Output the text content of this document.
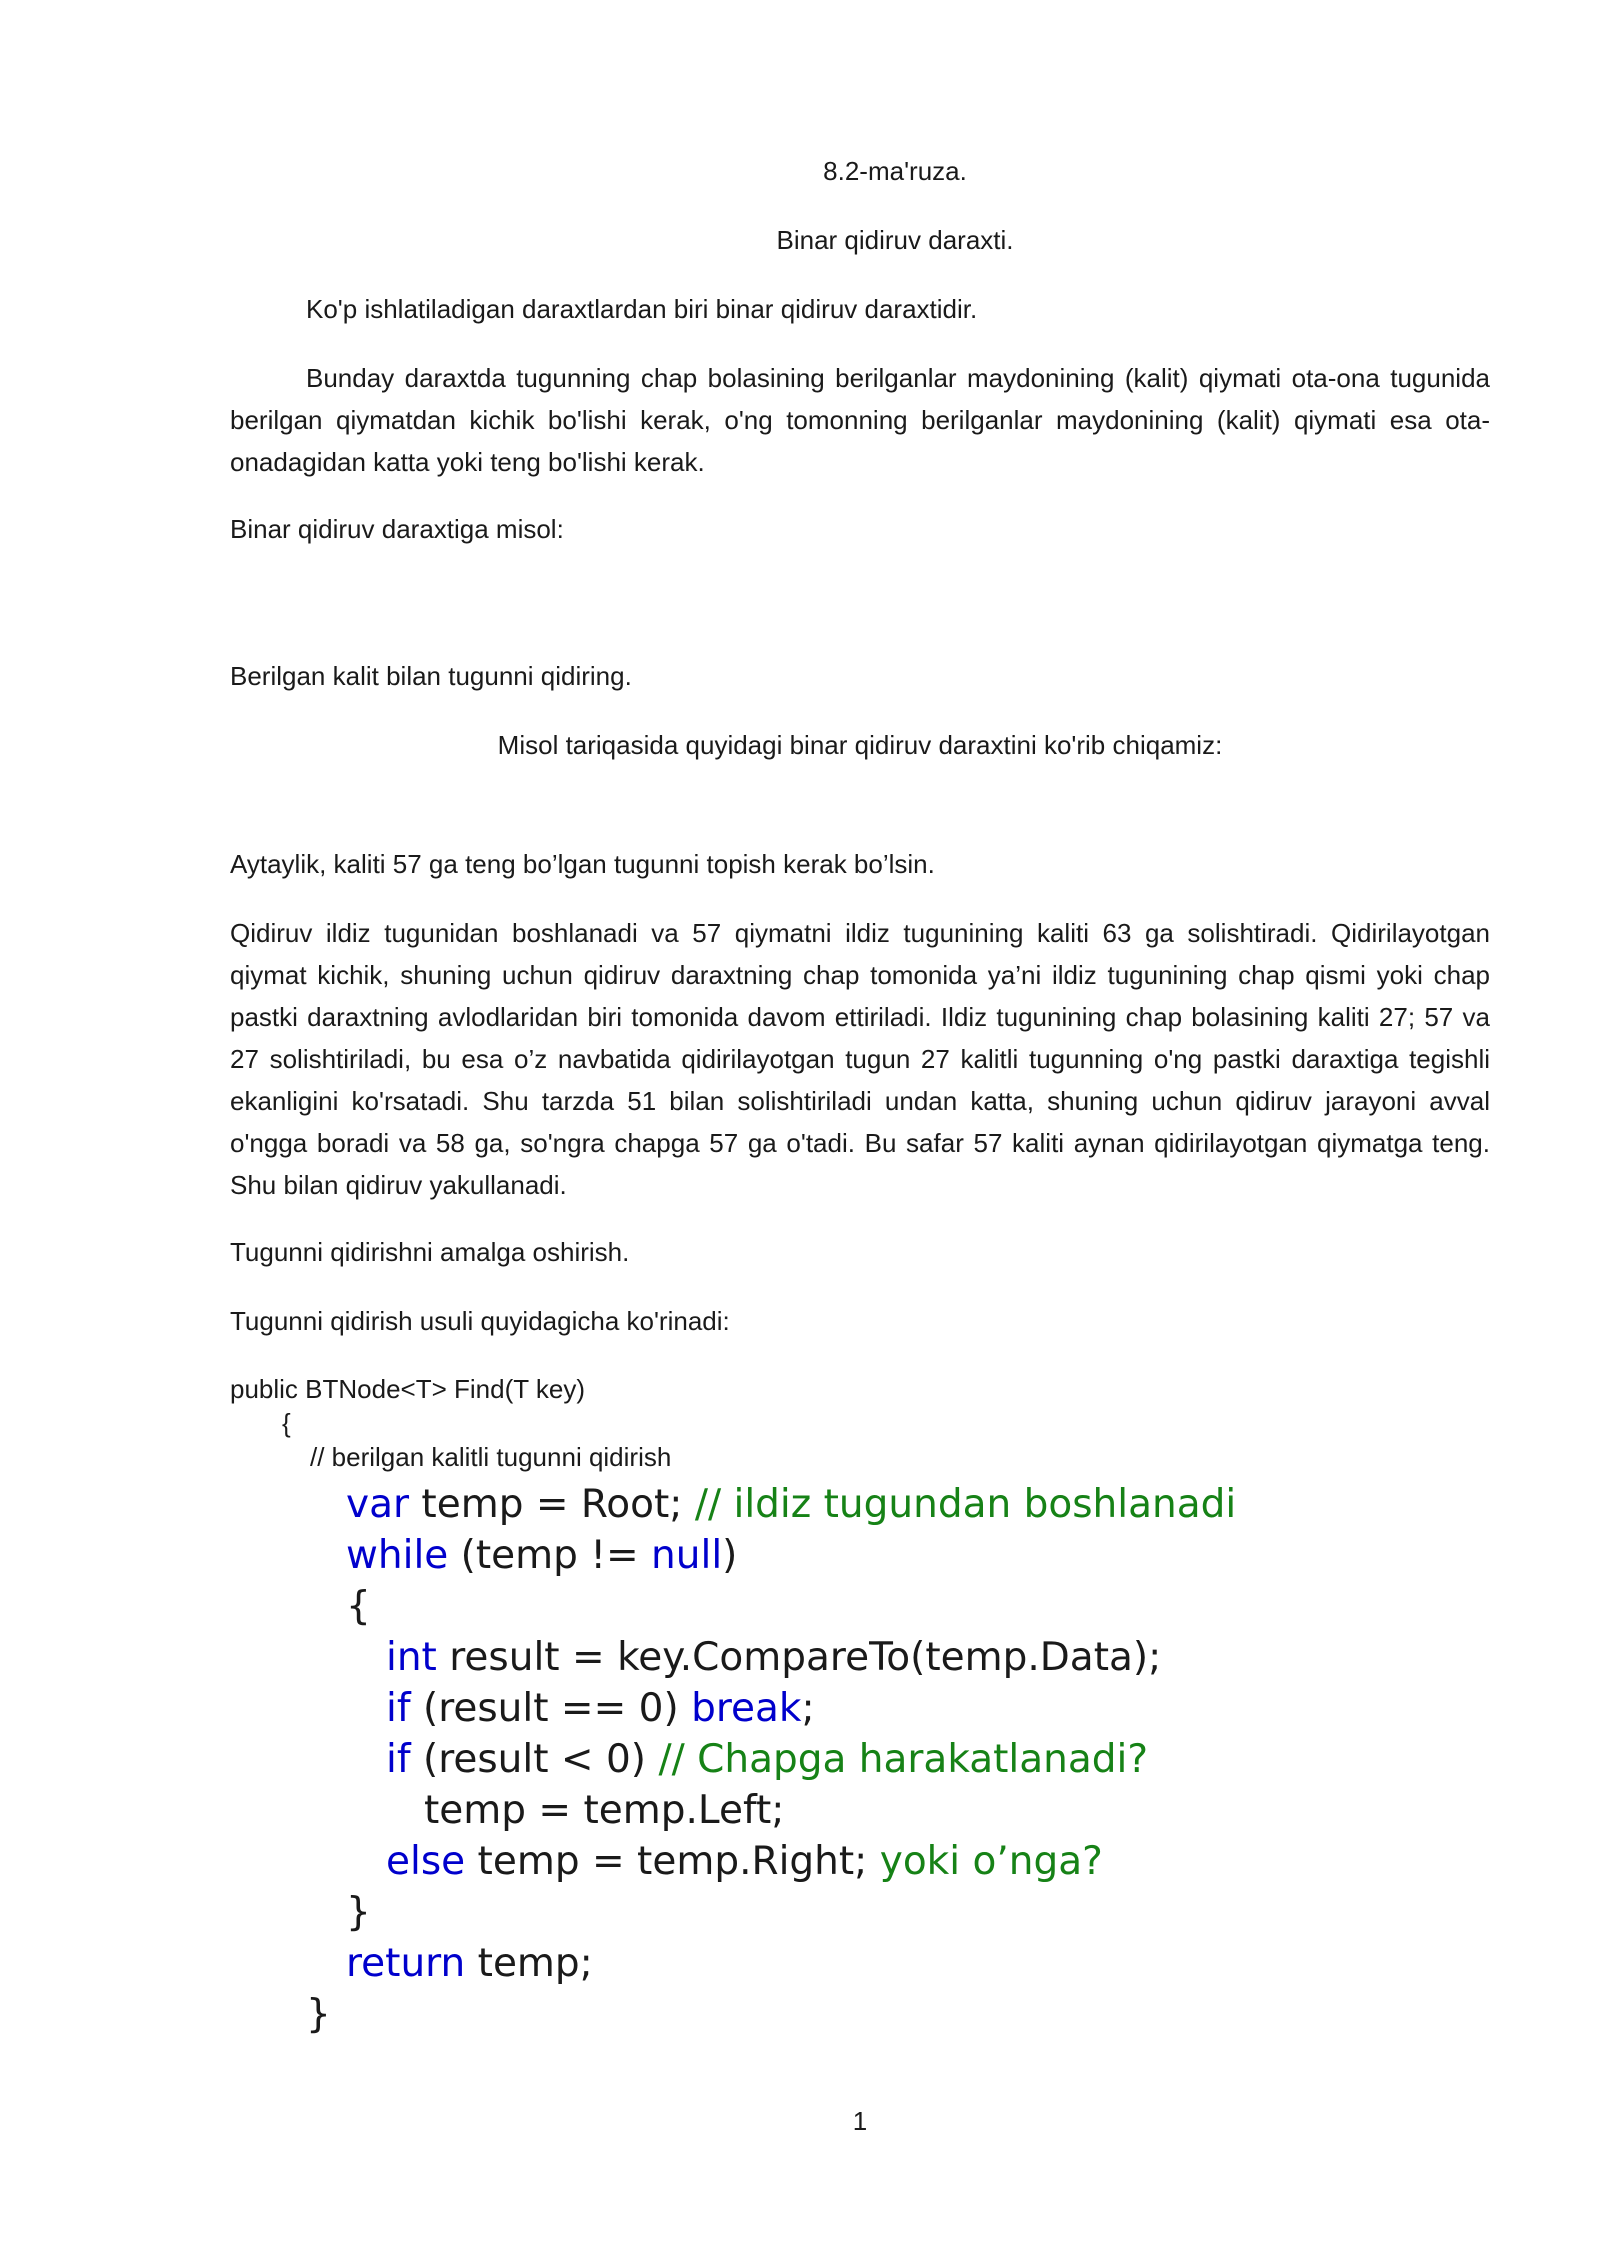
8.2-ma'ruza.
Binar qidiruv daraxti.

Ko'p ishlatiladigan daraxtlardan biri binar qidiruv daraxtidir.

Bunday daraxtda tugunning chap bolasining berilganlar maydonining (kalit) qiymati ota-ona tugunida berilgan qiymatdan kichik bo'lishi kerak, o'ng tomonning berilganlar maydonining (kalit) qiymati esa ota-onadagidan katta yoki teng bo'lishi kerak.

Binar qidiruv daraxtiga misol:

Berilgan kalit bilan tugunni qidiring.

Misol tariqasida quyidagi binar qidiruv daraxtini ko'rib chiqamiz:

Aytaylik, kaliti 57 ga teng bo’lgan tugunni topish kerak bo’lsin.

Qidiruv ildiz tugunidan boshlanadi va 57 qiymatni ildiz tugunining kaliti 63 ga solishtiradi. Qidirilayotgan qiymat kichik, shuning uchun qidiruv daraxtning chap tomonida ya’ni ildiz tugunining chap qismi yoki chap pastki daraxtning avlodlaridan biri tomonida davom ettiriladi. Ildiz tugunining chap bolasining kaliti 27; 57 va 27 solishtiriladi, bu esa o’z navbatida qidirilayotgan tugun 27 kalitli tugunning o'ng pastki daraxtiga tegishli ekanligini ko'rsatadi. Shu tarzda 51 bilan solishtiriladi undan katta, shuning uchun qidiruv jarayoni avval o'ngga boradi va 58 ga, so'ngra chapga 57 ga o'tadi. Bu safar 57 kaliti aynan qidirilayotgan qiymatga teng. Shu bilan qidiruv yakullanadi.

Tugunni qidirishni amalga oshirish.

Tugunni qidirish usuli quyidagicha ko'rinadi:

public BTNode<T> Find(T key)
{
// berilgan kalitli tugunni qidirish
var temp = Root; // ildiz tugundan boshlanadi
while (temp != null)
{
int result = key.CompareTo(temp.Data);
if (result == 0) break;
if (result < 0) // Chapga harakatlanadi?
temp = temp.Left;
else temp = temp.Right; yoki o’nga?
}
return temp;
}
1
